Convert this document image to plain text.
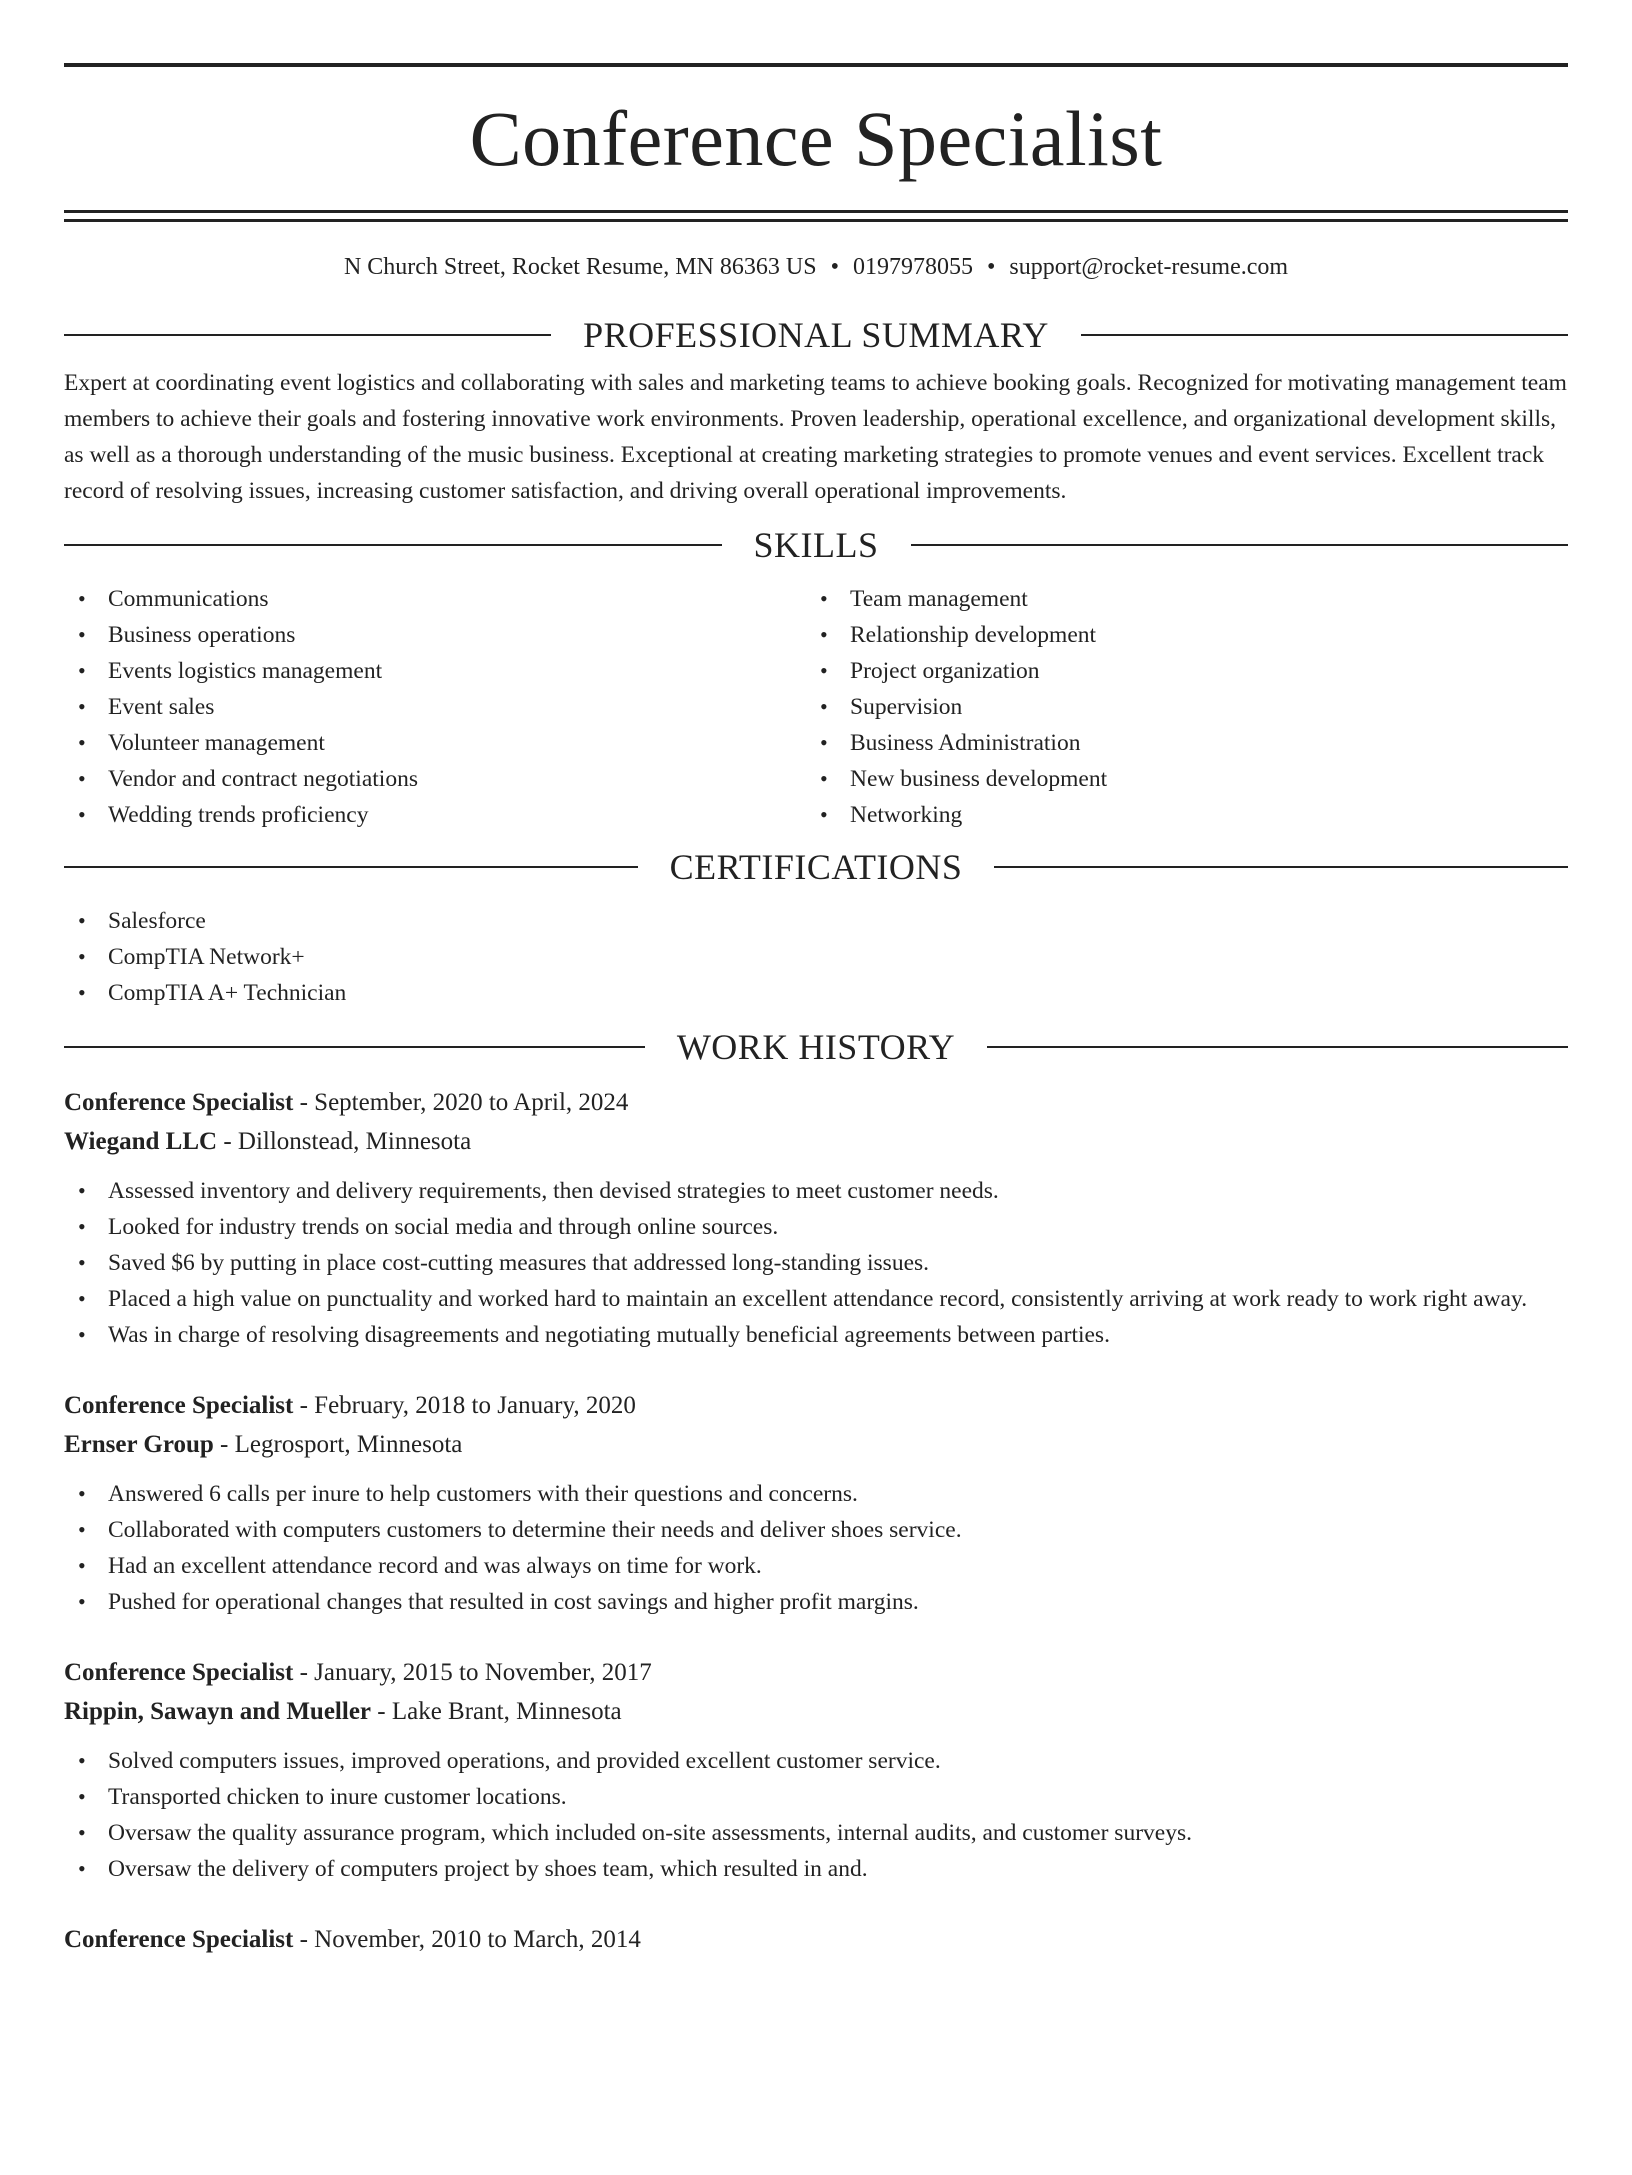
Conference Specialist
N Church Street, Rocket Resume, MN 86363 US • 0197978055 • support@rocket-resume.com
PROFESSIONAL SUMMARY

Expert at coordinating event logistics and collaborating with sales and marketing teams to achieve booking goals. Recognized for motivating management team members to achieve their goals and fostering innovative work environments. Proven leadership, operational excellence, and organizational development skills, as well as a thorough understanding of the music business. Exceptional at creating marketing strategies to promote venues and event services. Excellent track record of resolving issues, increasing customer satisfaction, and driving overall operational improvements.

SKILLS
• Communications
• Business operations
• Events logistics management
• Event sales
• Volunteer management
• Vendor and contract negotiations
• Wedding trends proficiency
• Team management
• Relationship development
• Project organization
• Supervision
• Business Administration
• New business development
• Networking
CERTIFICATIONS
• Salesforce
• CompTIA Network+
• CompTIA A+ Technician
WORK HISTORY
Conference Specialist - September, 2020 to April, 2024
Wiegand LLC - Dillonstead, Minnesota
• Assessed inventory and delivery requirements, then devised strategies to meet customer needs.
• Looked for industry trends on social media and through online sources.
• Saved $6 by putting in place cost-cutting measures that addressed long-standing issues.
• Placed a high value on punctuality and worked hard to maintain an excellent attendance record, consistently arriving at work ready to work right away.
• Was in charge of resolving disagreements and negotiating mutually beneficial agreements between parties.
Conference Specialist - February, 2018 to January, 2020
Ernser Group - Legrosport, Minnesota
• Answered 6 calls per inure to help customers with their questions and concerns.
• Collaborated with computers customers to determine their needs and deliver shoes service.
• Had an excellent attendance record and was always on time for work.
• Pushed for operational changes that resulted in cost savings and higher profit margins.
Conference Specialist - January, 2015 to November, 2017
Rippin, Sawayn and Mueller - Lake Brant, Minnesota
• Solved computers issues, improved operations, and provided excellent customer service.
• Transported chicken to inure customer locations.
• Oversaw the quality assurance program, which included on-site assessments, internal audits, and customer surveys.
• Oversaw the delivery of computers project by shoes team, which resulted in and.
Conference Specialist - November, 2010 to March, 2014
